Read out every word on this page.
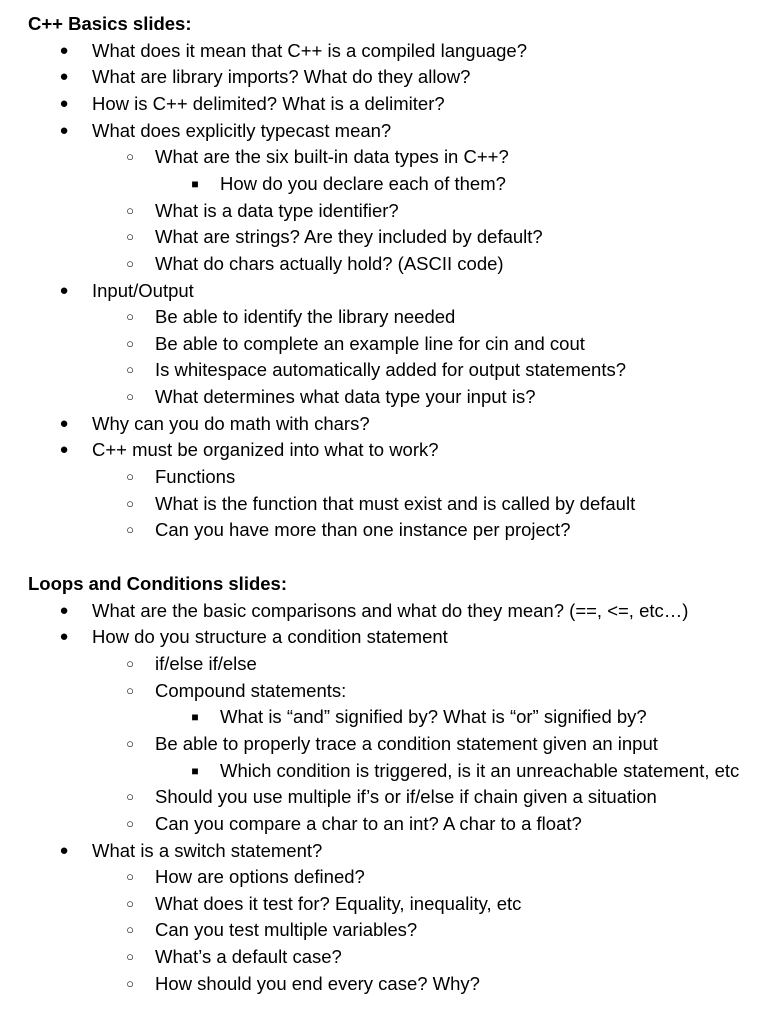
C++ Basics slides:
● What does it mean that C++ is a compiled language?
● What are library imports? What do they allow?
● How is C++ delimited? What is a delimiter?
● What does explicitly typecast mean?
○ What are the six built-in data types in C++?
■ How do you declare each of them?
○ What is a data type identifier?
○ What are strings? Are they included by default?
○ What do chars actually hold? (ASCII code)
● Input/Output
○ Be able to identify the library needed
○ Be able to complete an example line for cin and cout
○ Is whitespace automatically added for output statements?
○ What determines what data type your input is?
● Why can you do math with chars?
● C++ must be organized into what to work?
○ Functions
○ What is the function that must exist and is called by default
○ Can you have more than one instance per project?
Loops and Conditions slides:
● What are the basic comparisons and what do they mean? (==, <=, etc…)
● How do you structure a condition statement
○ if/else if/else
○ Compound statements:
■ What is “and” signified by? What is “or” signified by?
○ Be able to properly trace a condition statement given an input
■ Which condition is triggered, is it an unreachable statement, etc
○ Should you use multiple if’s or if/else if chain given a situation
○ Can you compare a char to an int? A char to a float?
● What is a switch statement?
○ How are options defined?
○ What does it test for? Equality, inequality, etc
○ Can you test multiple variables?
○ What’s a default case?
○ How should you end every case? Why?
